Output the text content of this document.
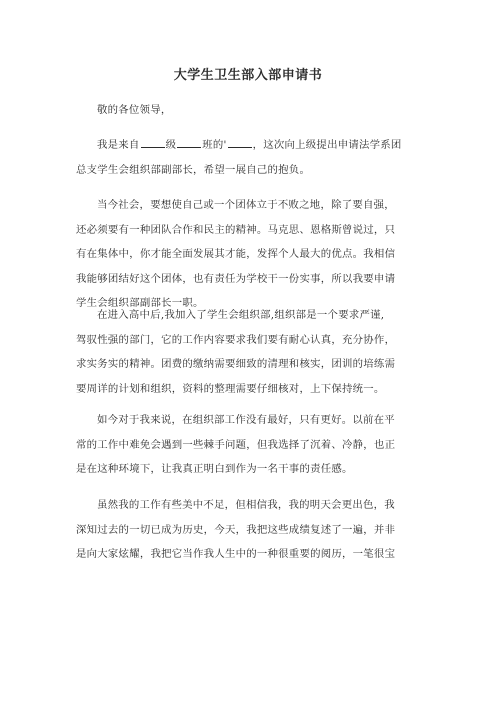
大学生卫生部入部申请书
敬的各位领导，
我是来自	级	班的'	，这次向上级提出申请法学系团
总支学生会组织部副部长，希望一展自己的抱负。
当今社会，要想使自己或一个团体立于不败之地，除了要自强，
还必须要有一种团队合作和民主的精神。马克思、恩格斯曾说过，只
有在集体中，你才能全面发展其才能，发挥个人最大的优点。我相信
我能够团结好这个团体，也有责任为学校干一份实事，所以我要申请
学生会组织部副部长一职。
在进入高中后,我加入了学生会组织部,组织部是一个要求严谨,
驾驭性强的部门，它的工作内容要求我们要有耐心认真，充分协作，
求实务实的精神。团费的缴纳需要细致的清理和核实，团训的培练需
要周详的计划和组织，资料的整理需要仔细核对，上下保持统一。
如今对于我来说，在组织部工作没有最好，只有更好。以前在平
常的工作中难免会遇到一些棘手问题，但我选择了沉着、冷静，也正
是在这种环境下，让我真正明白到作为一名干事的责任感。
虽然我的工作有些美中不足，但相信我，我的明天会更出色，我
深知过去的一切已成为历史，今天，我把这些成绩复述了一遍，并非
是向大家炫耀，我把它当作我人生中的一种很重要的阅历，一笔很宝
